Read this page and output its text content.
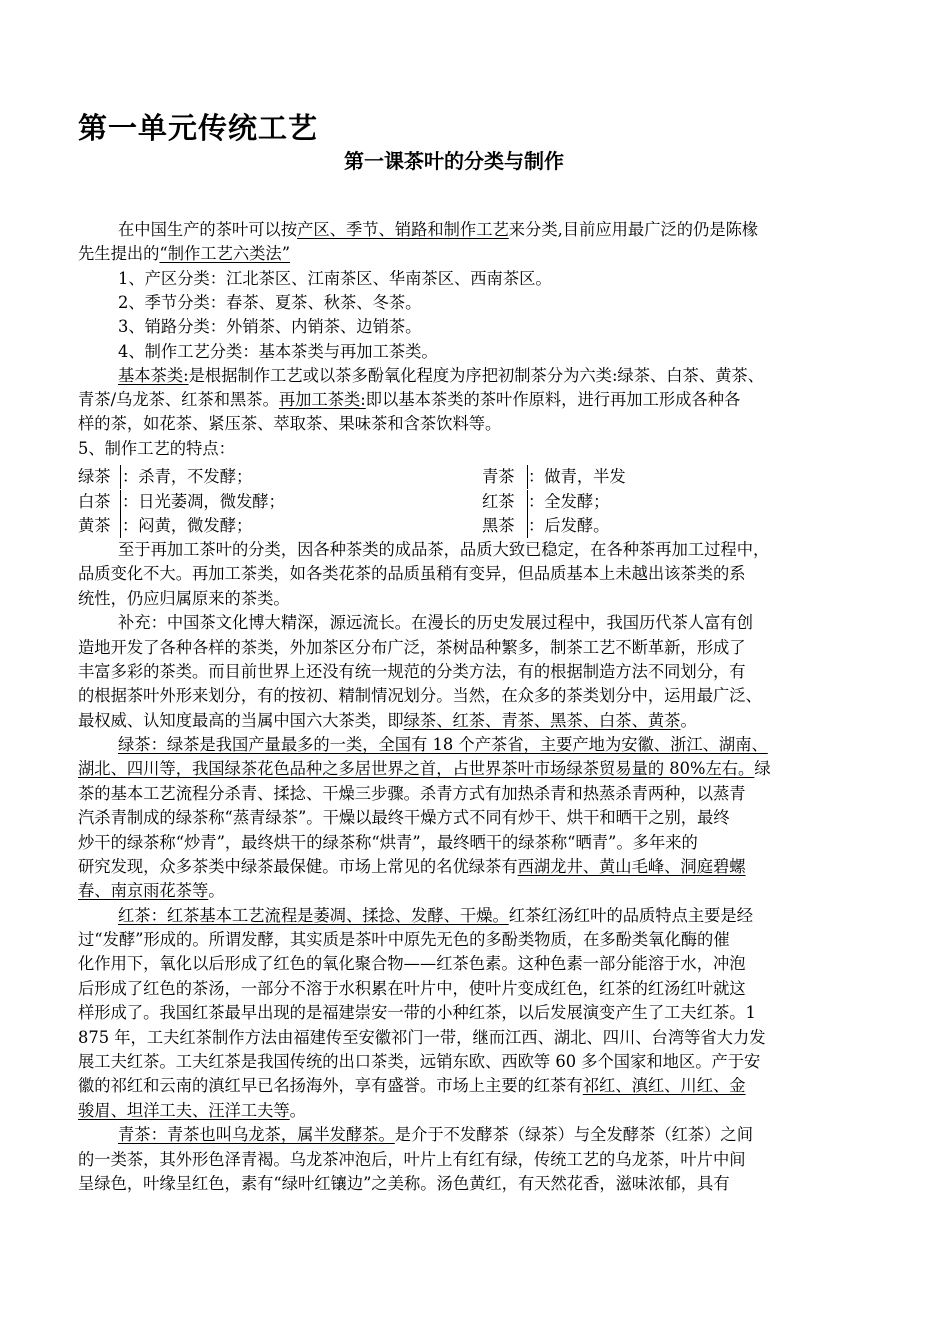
第一单元传统工艺
第一课茶叶的分类与制作
在中国生产的茶叶可以按产区、季节、销路和制作工艺来分类,目前应用最广泛的仍是陈椽
先生提出的“制作工艺六类法”
1、产区分类：江北茶区、江南茶区、华南茶区、西南茶区。
2、季节分类：春茶、夏茶、秋茶、冬茶。
3、销路分类：外销茶、内销茶、边销茶。
4、制作工艺分类：基本茶类与再加工茶类。
基本茶类:是根据制作工艺或以茶多酚氧化程度为序把初制茶分为六类:绿茶、白茶、黄茶、
青茶/乌龙茶、红茶和黑茶。再加工茶类:即以基本茶类的茶叶作原料，进行再加工形成各种各
样的茶，如花茶、紧压茶、萃取茶、果味茶和含茶饮料等。
5、制作工艺的特点：
绿茶 ：杀青，不发酵；	青茶 ：做青，半发
白茶 ：日光萎凋，微发酵；	红茶 ：全发酵；
黄茶 ：闷黄，微发酵；	黑茶 ：后发酵。
至于再加工茶叶的分类，因各种茶类的成品茶，品质大致已稳定，在各种茶再加工过程中，
品质变化不大。再加工茶类，如各类花茶的品质虽稍有变异，但品质基本上未越出该茶类的系
统性，仍应归属原来的茶类。
补充：中国茶文化博大精深，源远流长。在漫长的历史发展过程中，我国历代茶人富有创
造地开发了各种各样的茶类，外加茶区分布广泛，茶树品种繁多，制茶工艺不断革新，形成了
丰富多彩的茶类。而目前世界上还没有统一规范的分类方法，有的根据制造方法不同划分，有
的根据茶叶外形来划分，有的按初、精制情况划分。当然，在众多的茶类划分中，运用最广泛、
最权威、认知度最高的当属中国六大茶类，即绿茶、红茶、青茶、黑茶、白茶、黄茶。
绿茶：绿茶是我国产量最多的一类，全国有 18 个产茶省，主要产地为安徽、浙江、湖南、
湖北、四川等，我国绿茶花色品种之多居世界之首，占世界茶叶市场绿茶贸易量的 80%左右。绿
茶的基本工艺流程分杀青、揉捻、干燥三步骤。杀青方式有加热杀青和热蒸杀青两种，以蒸青
汽杀青制成的绿茶称“蒸青绿茶”。干燥以最终干燥方式不同有炒干、烘干和晒干之别，最终
炒干的绿茶称“炒青”，最终烘干的绿茶称“烘青”，最终晒干的绿茶称“晒青”。多年来的
研究发现，众多茶类中绿茶最保健。市场上常见的名优绿茶有西湖龙井、黄山毛峰、洞庭碧螺
春、南京雨花茶等。
红茶：红茶基本工艺流程是萎凋、揉捻、发酵、干燥。红茶红汤红叶的品质特点主要是经
过“发酵”形成的。所谓发酵，其实质是茶叶中原先无色的多酚类物质，在多酚类氧化酶的催
化作用下，氧化以后形成了红色的氧化聚合物——红茶色素。这种色素一部分能溶于水，冲泡
后形成了红色的茶汤，一部分不溶于水积累在叶片中，使叶片变成红色，红茶的红汤红叶就这
样形成了。我国红茶最早出现的是福建崇安一带的小种红茶，以后发展演变产生了工夫红茶。1
875 年，工夫红茶制作方法由福建传至安徽祁门一带，继而江西、湖北、四川、台湾等省大力发
展工夫红茶。工夫红茶是我国传统的出口茶类，远销东欧、西欧等 60 多个国家和地区。产于安
徽的祁红和云南的滇红早已名扬海外，享有盛誉。市场上主要的红茶有祁红、滇红、川红、金
骏眉、坦洋工夫、汪洋工夫等。
青茶：青茶也叫乌龙茶，属半发酵茶。是介于不发酵茶（绿茶）与全发酵茶（红茶）之间
的一类茶，其外形色泽青褐。乌龙茶冲泡后，叶片上有红有绿，传统工艺的乌龙茶，叶片中间
呈绿色，叶缘呈红色，素有“绿叶红镶边”之美称。汤色黄红，有天然花香，滋味浓郁，具有
